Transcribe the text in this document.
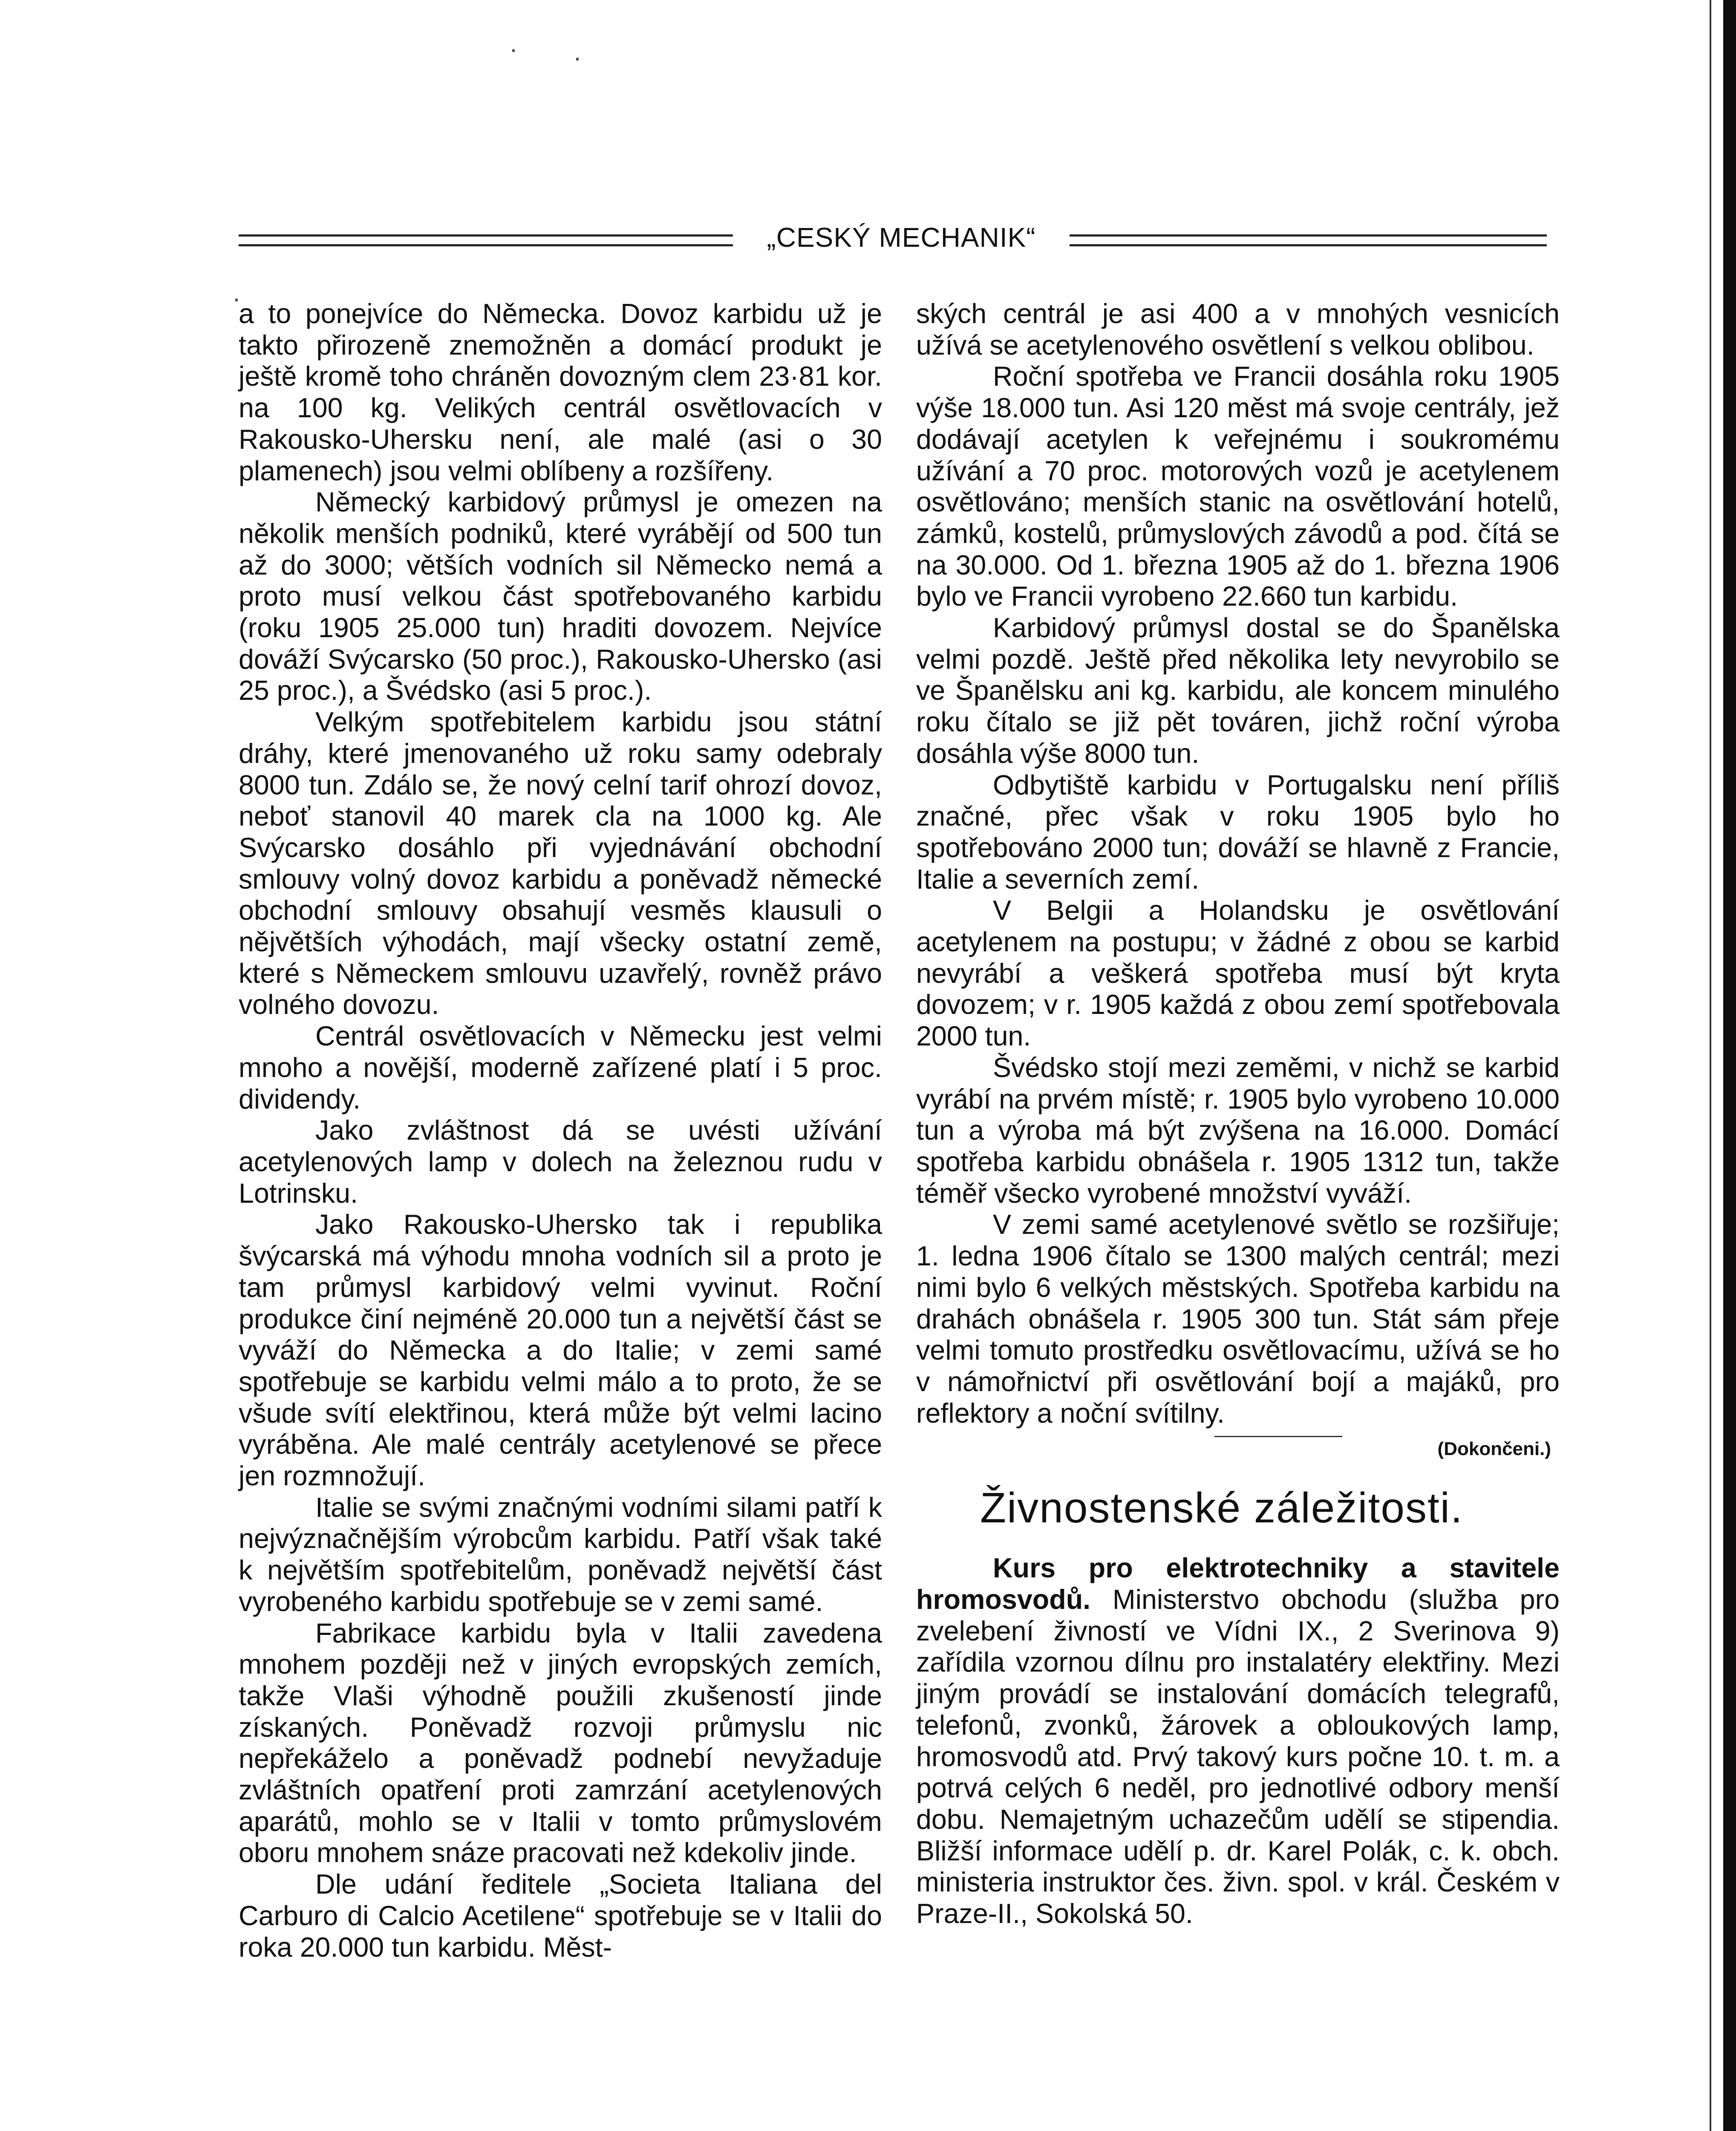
· ·
·
„CESKÝ MECHANIK“

a to ponejvíce do Německa. Dovoz karbidu už je takto přirozeně znemožněn a domácí produkt je ještě kromě toho chráněn dovozným clem 23·81 kor. na 100 kg. Velikých centrál osvětlovacích v Rakousko-Uhersku není, ale malé (asi o 30 plamenech) jsou velmi oblíbeny a rozšířeny.

Německý karbidový průmysl je omezen na několik menších podniků, které vyrábějí od 500 tun až do 3000; větších vodních sil Německo nemá a proto musí velkou část spotřebovaného karbidu (roku 1905 25.000 tun) hraditi dovozem. Nejvíce dováží Svýcarsko (50 proc.), Rakousko-Uhersko (asi 25 proc.), a Švédsko (asi 5 proc.).

Velkým spotřebitelem karbidu jsou státní dráhy, které jmenovaného už roku samy odebraly 8000 tun. Zdálo se, že nový celní tarif ohrozí dovoz, neboť stanovil 40 marek cla na 1000 kg. Ale Svýcarsko dosáhlo při vyjednávání obchodní smlouvy volný dovoz karbidu a poněvadž německé obchodní smlouvy obsahují vesměs klausuli o nějvětších výhodách, mají všecky ostatní země, které s Německem smlouvu uzavřelý, rovněž právo volného dovozu.

Centrál osvětlovacích v Německu jest velmi mnoho a novější, moderně zařízené platí i 5 proc. dividendy.

Jako zvláštnost dá se uvésti užívání acetylenových lamp v dolech na železnou rudu v Lotrinsku.

Jako Rakousko-Uhersko tak i republika švýcarská má výhodu mnoha vodních sil a proto je tam průmysl karbidový velmi vyvinut. Roční produkce činí nejméně 20.000 tun a největší část se vyváží do Německa a do Italie; v zemi samé spotřebuje se karbidu velmi málo a to proto, že se všude svítí elektřinou, která může být velmi lacino vyráběna. Ale malé centrály acetylenové se přece jen rozmnožují.

Italie se svými značnými vodními silami patří k nejvýznačnějším výrobcům karbidu. Patří však také k největším spotřebitelům, poněvadž největší část vyrobeného karbidu spotřebuje se v zemi samé.

Fabrikace karbidu byla v Italii zavedena mnohem později než v jiných evropských zemích, takže Vlaši výhodně použili zkušeností jinde získaných. Poněvadž rozvoji průmyslu nic nepřekáželo a poněvadž podnebí nevyžaduje zvláštních opatření proti zamrzání acetylenových aparátů, mohlo se v Italii v tomto průmyslovém oboru mnohem snáze pracovati než kdekoliv jinde.

Dle udání ředitele „Societa Italiana del Carburo di Calcio Acetilene“ spotřebuje se v Italii do roka 20.000 tun karbidu. Měst-

ských centrál je asi 400 a v mnohých vesnicích užívá se acetylenového osvětlení s velkou oblibou.

Roční spotřeba ve Francii dosáhla roku 1905 výše 18.000 tun. Asi 120 měst má svoje centrály, jež dodávají acetylen k veřejnému i soukromému užívání a 70 proc. motorových vozů je acetylenem osvětlováno; menších stanic na osvětlování hotelů, zámků, kostelů, průmyslových závodů a pod. čítá se na 30.000. Od 1. března 1905 až do 1. března 1906 bylo ve Francii vyrobeno 22.660 tun karbidu.

Karbidový průmysl dostal se do Španělska velmi pozdě. Ještě před několika lety nevyrobilo se ve Španělsku ani kg. karbidu, ale koncem minulého roku čítalo se již pět továren, jichž roční výroba dosáhla výše 8000 tun.

Odbytiště karbidu v Portugalsku není příliš značné, přec však v roku 1905 bylo ho spotřebováno 2000 tun; dováží se hlavně z Francie, Italie a severních zemí.

V Belgii a Holandsku je osvětlování acetylenem na postupu; v žádné z obou se karbid nevyrábí a veškerá spotřeba musí být kryta dovozem; v r. 1905 každá z obou zemí spotřebovala 2000 tun.

Švédsko stojí mezi zeměmi, v nichž se karbid vyrábí na prvém místě; r. 1905 bylo vyrobeno 10.000 tun a výroba má být zvýšena na 16.000. Domácí spotřeba karbidu obnášela r. 1905 1312 tun, takže téměř všecko vyrobené množství vyváží.

V zemi samé acetylenové světlo se rozšiřuje; 1. ledna 1906 čítalo se 1300 malých centrál; mezi nimi bylo 6 velkých městských. Spotřeba karbidu na drahách obnášela r. 1905 300 tun. Stát sám přeje velmi tomuto prostředku osvětlovacímu, užívá se ho v námořnictví při osvětlování bojí a majáků, pro reflektory a noční svítilny.

(Dokončeni.)
Živnostenské záležitosti.

Kurs pro elektrotechniky a stavitele hromosvodů. Ministerstvo obchodu (služba pro zvelebení živností ve Vídni IX., 2 Sverinova 9) zařídila vzornou dílnu pro instalatéry elektřiny. Mezi jiným provádí se instalování domácích telegrafů, telefonů, zvonků, žárovek a obloukových lamp, hromosvodů atd. Prvý takový kurs počne 10. t. m. a potrvá celých 6 neděl, pro jednotlivé odbory menší dobu. Nemajetným uchazečům udělí se stipendia. Bližší informace udělí p. dr. Karel Polák, c. k. obch. ministeria instruktor čes. živn. spol. v král. Českém v Praze-II., Sokolská 50.
